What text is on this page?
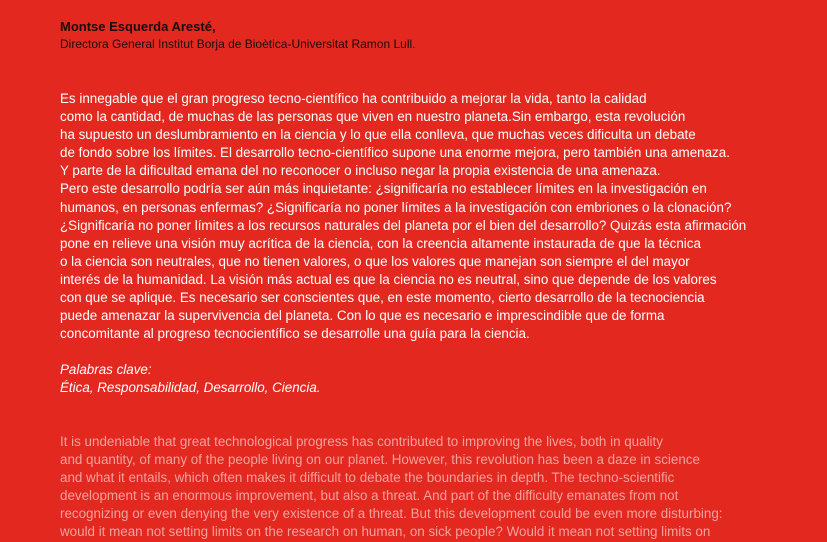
Montse Esquerda Aresté,
Directora General Institut Borja de Bioètica-Universitat Ramon Lull.
Es innegable que el gran progreso tecno-científico ha contribuido a mejorar la vida, tanto la calidad
como la cantidad, de muchas de las personas que viven en nuestro planeta.Sin embargo, esta revolución
ha supuesto un deslumbramiento en la ciencia y lo que ella conlleva, que muchas veces dificulta un debate
de fondo sobre los límites. El desarrollo tecno-científico supone una enorme mejora, pero también una amenaza.
Y parte de la dificultad emana del no reconocer o incluso negar la propia existencia de una amenaza.
Pero este desarrollo podría ser aún más inquietante: ¿significaría no establecer límites en la investigación en
humanos, en personas enfermas? ¿Significaría no poner límites a la investigación con embriones o la clonación?
¿Significaría no poner límites a los recursos naturales del planeta por el bien del desarrollo? Quizás esta afirmación
pone en relieve una visión muy acrítica de la ciencia, con la creencia altamente instaurada de que la técnica
o la ciencia son neutrales, que no tienen valores, o que los valores que manejan son siempre el del mayor
interés de la humanidad. La visión más actual es que la ciencia no es neutral, sino que depende de los valores
con que se aplique. Es necesario ser conscientes que, en este momento, cierto desarrollo de la tecnociencia
puede amenazar la supervivencia del planeta. Con lo que es necesario e imprescindible que de forma
concomitante al progreso tecnocientífico se desarrolle una guía para la ciencia.
Palabras clave:
Ética, Responsabilidad, Desarrollo, Ciencia.
It is undeniable that great technological progress has contributed to improving the lives, both in quality
and quantity, of many of the people living on our planet. However, this revolution has been a daze in science
and what it entails, which often makes it difficult to debate the boundaries in depth. The techno-scientific
development is an enormous improvement, but also a threat. And part of the difficulty emanates from not
recognizing or even denying the very existence of a threat. But this development could be even more disturbing:
would it mean not setting limits on the research on human, on sick people? Would it mean not setting limits on
